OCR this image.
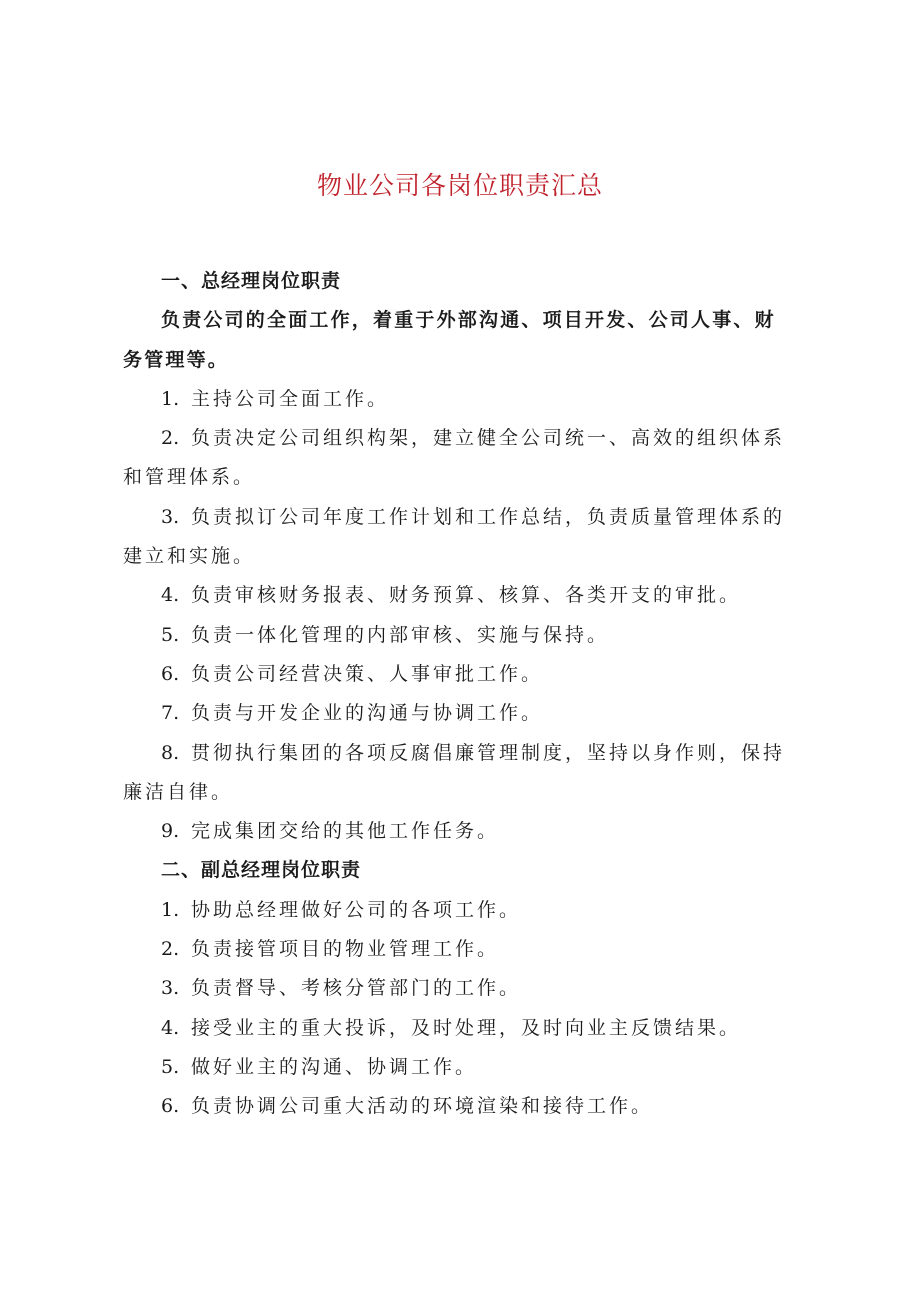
物业公司各岗位职责汇总

一、总经理岗位职责

负责公司的全面工作，着重于外部沟通、项目开发、公司人事、财务管理等。

1. 主持公司全面工作。

2. 负责决定公司组织构架，建立健全公司统一、高效的组织体系和管理体系。

3. 负责拟订公司年度工作计划和工作总结，负责质量管理体系的建立和实施。

4. 负责审核财务报表、财务预算、核算、各类开支的审批。

5. 负责一体化管理的内部审核、实施与保持。

6. 负责公司经营决策、人事审批工作。

7. 负责与开发企业的沟通与协调工作。

8. 贯彻执行集团的各项反腐倡廉管理制度，坚持以身作则，保持廉洁自律。

9. 完成集团交给的其他工作任务。

二、副总经理岗位职责

1. 协助总经理做好公司的各项工作。

2. 负责接管项目的物业管理工作。

3. 负责督导、考核分管部门的工作。

4. 接受业主的重大投诉，及时处理，及时向业主反馈结果。

5. 做好业主的沟通、协调工作。

6. 负责协调公司重大活动的环境渲染和接待工作。
